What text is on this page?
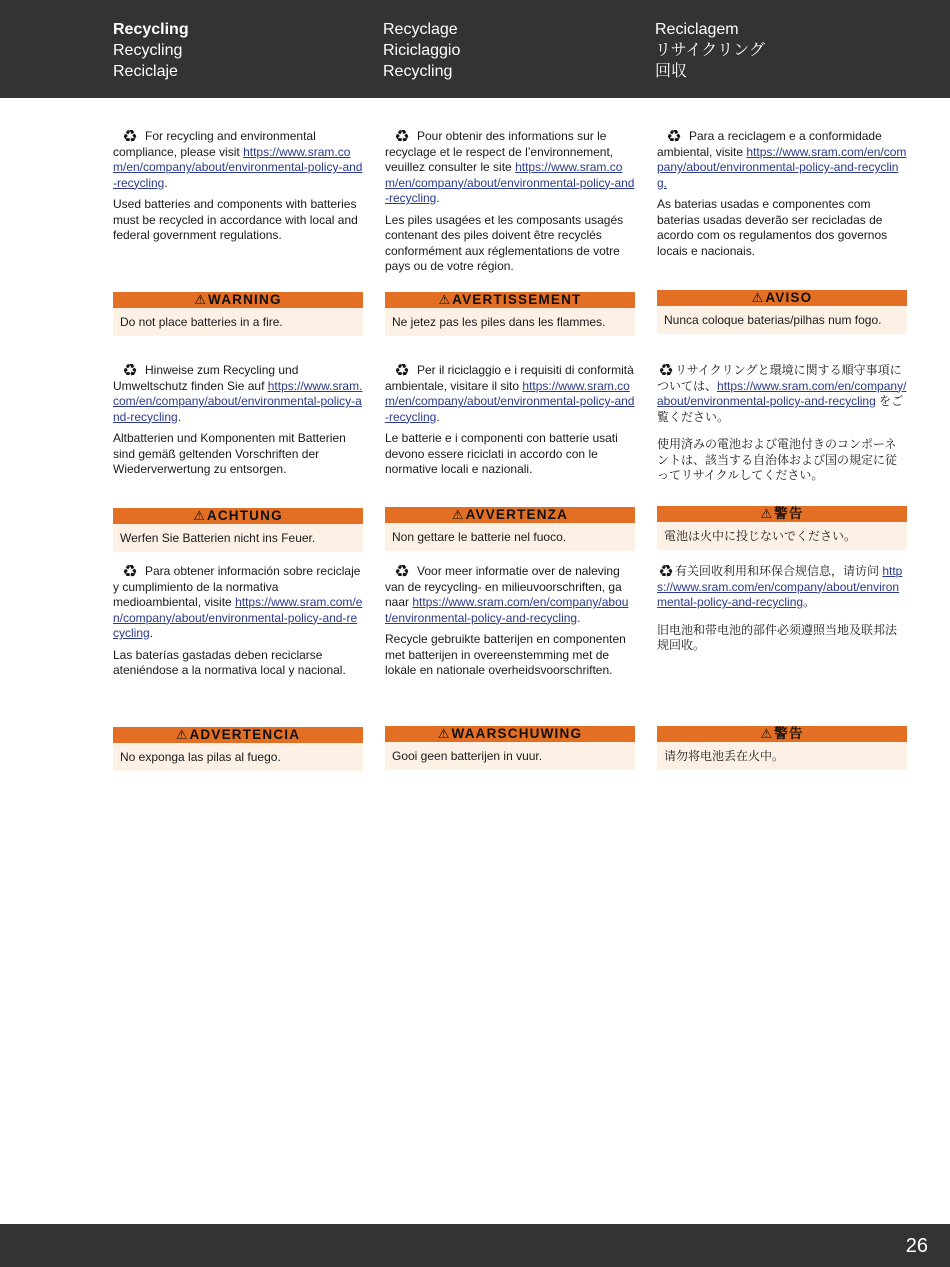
Recycling
Recycling
Reciclaje
Recyclage
Riciclaggio
Recycling
Reciclagem
リサイクリング
回収

♻ For recycling and environmental compliance, please visit https://www.sram.com/en/company/about/environmental-policy-and-recycling.

Used batteries and components with batteries must be recycled in accordance with local and federal government regulations.

♻ Pour obtenir des informations sur le recyclage et le respect de l’environnement, veuillez consulter le site https://www.sram.com/en/company/about/environmental-policy-and-recycling.

Les piles usagées et les composants usagés contenant des piles doivent être recyclés conformément aux réglementations de votre pays ou de votre région.

♻ Para a reciclagem e a conformidade ambiental, visite https://www.sram.com/en/company/about/environmental-policy-and-recycling.

As baterias usadas e componentes com baterias usadas deverão ser recicladas de acordo com os regulamentos dos governos locais e nacionais.

⚠ WARNING
Do not place batteries in a fire.
⚠ AVERTISSEMENT
Ne jetez pas les piles dans les flammes.
⚠ AVISO
Nunca coloque baterias/pilhas num fogo.

♻ Hinweise zum Recycling und Umweltschutz finden Sie auf https://www.sram.com/en/company/about/environmental-policy-and-recycling.

Altbatterien und Komponenten mit Batterien sind gemäß geltenden Vorschriften der Wiederverwertung zu entsorgen.

♻ Per il riciclaggio e i requisiti di conformità ambientale, visitare il sito https://www.sram.com/en/company/about/environmental-policy-and-recycling.

Le batterie e i componenti con batterie usati devono essere riciclati in accordo con le normative locali e nazionali.

♻リサイクリングと環境に関する順守事項については、https://www.sram.com/en/company/about/environmental-policy-and-recycling をご覧ください。

使用済みの電池および電池付きのコンポーネントは、該当する自治体および国の規定に従ってリサイクルしてください。

⚠ ACHTUNG
Werfen Sie Batterien nicht ins Feuer.
⚠ AVVERTENZA
Non gettare le batterie nel fuoco.
⚠ 警告
電池は火中に投じないでください。

♻ Para obtener información sobre reciclaje y cumplimiento de la normativa medioambiental, visite https://www.sram.com/en/company/about/environmental-policy-and-recycling.

Las baterías gastadas deben reciclarse ateniéndose a la normativa local y nacional.

♻ Voor meer informatie over de naleving van de reycycling- en milieuvoorschriften, ga naar https://www.sram.com/en/company/about/environmental-policy-and-recycling.

Recycle gebruikte batterijen en componenten met batterijen in overeenstemming met de lokale en nationale overheidsvoorschriften.

♻有关回收利用和环保合规信息，请访问 https://www.sram.com/en/company/about/environmental-policy-and-recycling。

旧电池和带电池的部件必须遵照当地及联邦法规回收。

⚠ ADVERTENCIA
No exponga las pilas al fuego.
⚠ WAARSCHUWING
Gooi geen batterijen in vuur.
⚠ 警告
请勿将电池丢在火中。
26
